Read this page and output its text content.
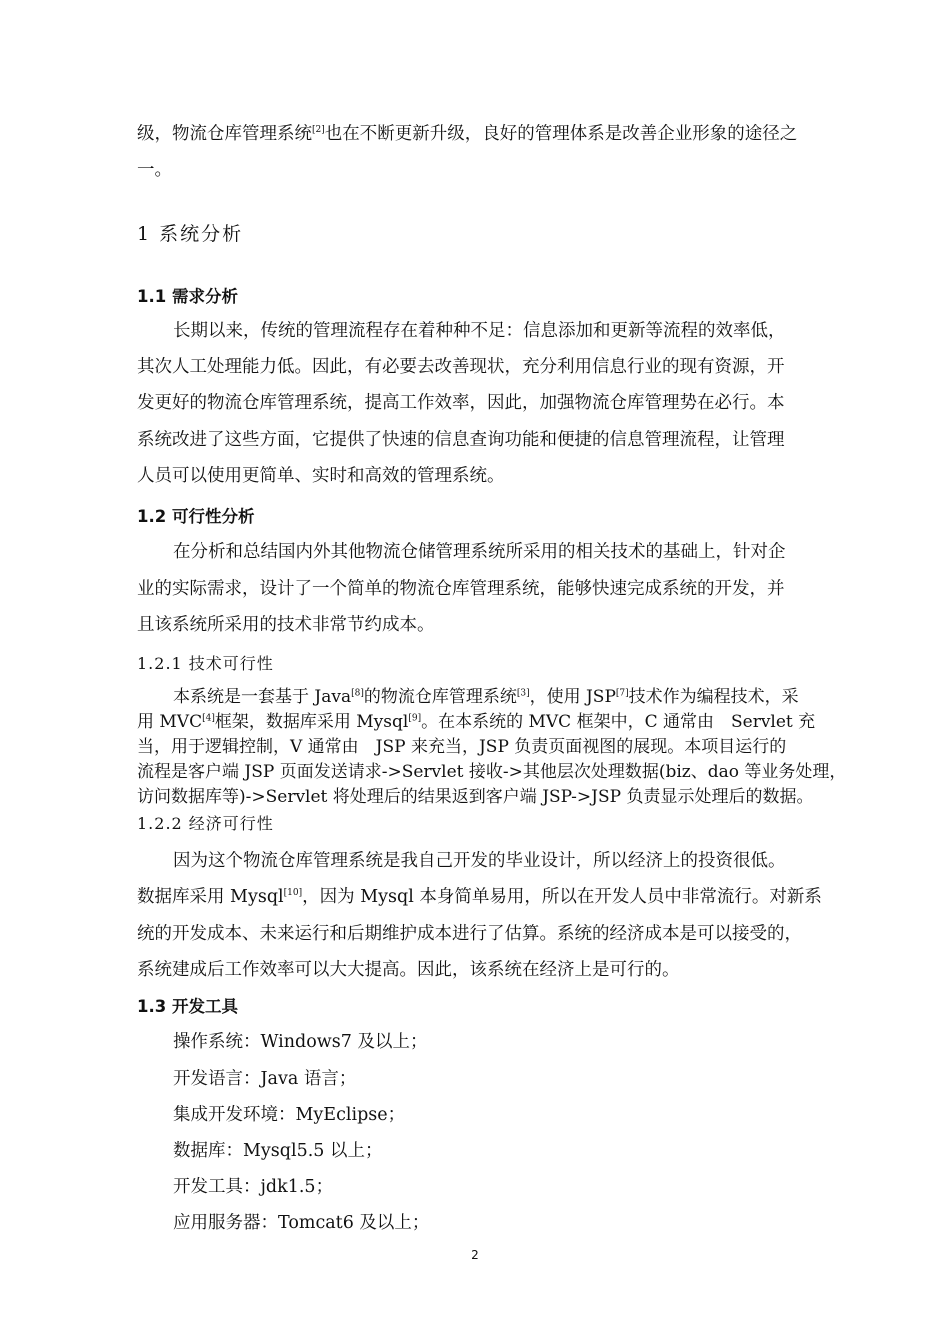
级，物流仓库管理系统[2]也在不断更新升级，良好的管理体系是改善企业形象的途径之
一。
1 系统分析
1.1 需求分析
长期以来，传统的管理流程存在着种种不足：信息添加和更新等流程的效率低，
其次人工处理能力低。因此，有必要去改善现状，充分利用信息行业的现有资源，开
发更好的物流仓库管理系统，提高工作效率，因此，加强物流仓库管理势在必行。本
系统改进了这些方面，它提供了快速的信息查询功能和便捷的信息管理流程，让管理
人员可以使用更简单、实时和高效的管理系统。
1.2 可行性分析
在分析和总结国内外其他物流仓储管理系统所采用的相关技术的基础上，针对企
业的实际需求，设计了一个简单的物流仓库管理系统，能够快速完成系统的开发，并
且该系统所采用的技术非常节约成本。
1.2.1 技术可行性
本系统是一套基于 Java[8]的物流仓库管理系统[3]，使用 JSP[7]技术作为编程技术，采
用 MVC[4]框架，数据库采用 Mysql[9]。在本系统的 MVC 框架中，C 通常由　Servlet 充
当，用于逻辑控制，V 通常由　JSP 来充当，JSP 负责页面视图的展现。本项目运行的
流程是客户端 JSP 页面发送请求->Servlet 接收->其他层次处理数据(biz、dao 等业务处理，
访问数据库等)->Servlet 将处理后的结果返到客户端 JSP->JSP 负责显示处理后的数据。
1.2.2 经济可行性
因为这个物流仓库管理系统是我自己开发的毕业设计，所以经济上的投资很低。
数据库采用 Mysql[10]，因为 Mysql 本身简单易用，所以在开发人员中非常流行。对新系
统的开发成本、未来运行和后期维护成本进行了估算。系统的经济成本是可以接受的，
系统建成后工作效率可以大大提高。因此，该系统在经济上是可行的。
1.3 开发工具
操作系统：Windows7 及以上；
开发语言：Java 语言；
集成开发环境：MyEclipse；
数据库：Mysql5.5 以上；
开发工具：jdk1.5；
应用服务器：Tomcat6 及以上；
2
